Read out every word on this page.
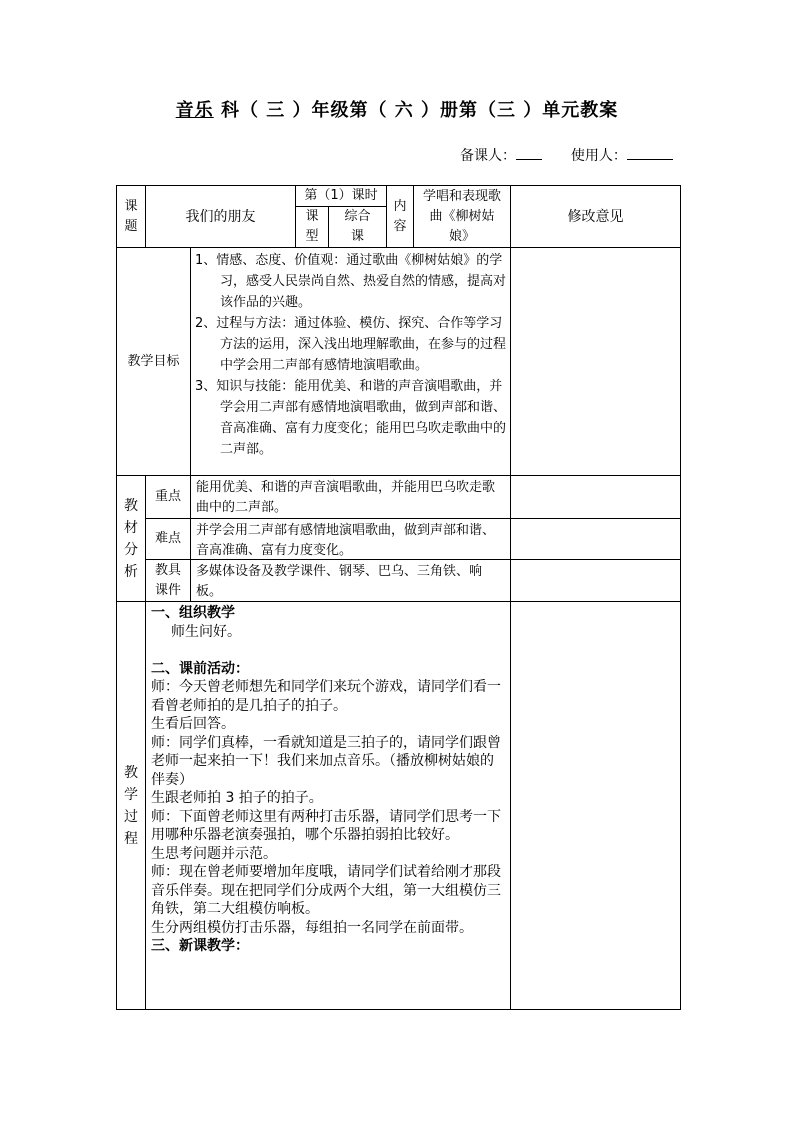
音乐 科（ 三 ）年级第（ 六 ）册第（三 ）单元教案
备课人：	使用人：
课题
我们的朋友
第（1）课时
课型
综合课
内容
学唱和表现歌曲《柳树姑娘》
修改意见
教学目标
1、情感、态度、价值观：通过歌曲《柳树姑娘》的学习，感受人民崇尚自然、热爱自然的情感，提高对该作品的兴趣。
2、过程与方法：通过体验、模仿、探究、合作等学习方法的运用，深入浅出地理解歌曲，在参与的过程中学会用二声部有感情地演唱歌曲。
3、知识与技能：能用优美、和谐的声音演唱歌曲，并学会用二声部有感情地演唱歌曲，做到声部和谐、音高准确、富有力度变化；能用巴乌吹走歌曲中的二声部。
教
材
分
析
重点
能用优美、和谐的声音演唱歌曲，并能用巴乌吹走歌曲中的二声部。
难点
并学会用二声部有感情地演唱歌曲，做到声部和谐、音高准确、富有力度变化。
教具课件
多媒体设备及教学课件、钢琴、巴乌、三角铁、响板。
教
学
过
程

一、组织教学

师生问好。

二、课前活动：

师：今天曾老师想先和同学们来玩个游戏，请同学们看一看曾老师拍的是几拍子的拍子。

生看后回答。

师：同学们真棒，一看就知道是三拍子的，请同学们跟曾老师一起来拍一下！我们来加点音乐。（播放柳树姑娘的伴奏）

生跟老师拍 3 拍子的拍子。

师：下面曾老师这里有两种打击乐器，请同学们思考一下用哪种乐器老演奏强拍，哪个乐器拍弱拍比较好。

生思考问题并示范。

师：现在曾老师要增加年度哦，请同学们试着给刚才那段音乐伴奏。现在把同学们分成两个大组，第一大组模仿三角铁，第二大组模仿响板。

生分两组模仿打击乐器，每组拍一名同学在前面带。

三、新课教学：
